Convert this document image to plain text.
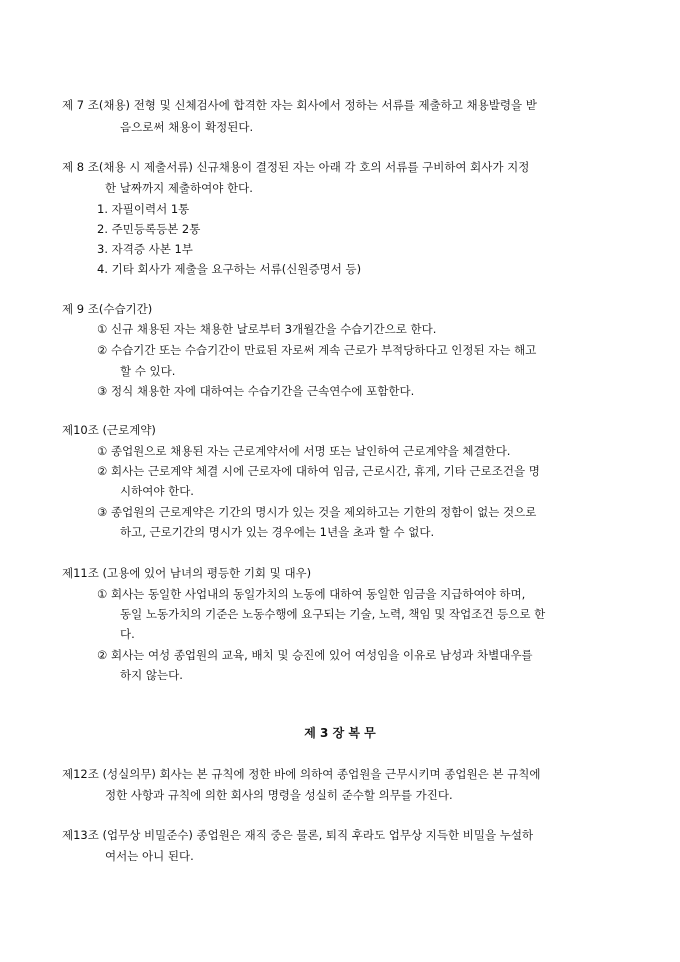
제 7 조(채용) 전형 및 신체검사에 합격한 자는 회사에서 정하는 서류를 제출하고 채용발령을 받
음으로써 채용이 확정된다.
제 8 조(채용 시 제출서류) 신규채용이 결정된 자는 아래 각 호의 서류를 구비하여 회사가 지정
한 날짜까지 제출하여야 한다.
1. 자필이력서 1통
2. 주민등록등본 2통
3. 자격증 사본 1부
4. 기타 회사가 제출을 요구하는 서류(신원증명서 등)
제 9 조(수습기간)
① 신규 채용된 자는 채용한 날로부터 3개월간을 수습기간으로 한다.
② 수습기간 또는 수습기간이 만료된 자로써 계속 근로가 부적당하다고 인정된 자는 해고
할 수 있다.
③ 정식 채용한 자에 대하여는 수습기간을 근속연수에 포함한다.
제10조 (근로계약)
① 종업원으로 채용된 자는 근로계약서에 서명 또는 날인하여 근로계약을 체결한다.
② 회사는 근로계약 체결 시에 근로자에 대하여 임금, 근로시간, 휴게, 기타 근로조건을 명
시하여야 한다.
③ 종업원의 근로계약은 기간의 명시가 있는 것을 제외하고는 기한의 정함이 없는 것으로
하고, 근로기간의 명시가 있는 경우에는 1년을 초과 할 수 없다.
제11조 (고용에 있어 남녀의 평등한 기회 및 대우)
① 회사는 동일한 사업내의 동일가치의 노동에 대하여 동일한 임금을 지급하여야 하며,
동일 노동가치의 기준은 노동수행에 요구되는 기술, 노력, 책임 및 작업조건 등으로 한
다.
② 회사는 여성 종업원의 교육, 배치 및 승진에 있어 여성임을 이유로 남성과 차별대우를
하지 않는다.
제 3 장 복 무
제12조 (성실의무) 회사는 본 규칙에 정한 바에 의하여 종업원을 근무시키며 종업원은 본 규칙에
정한 사항과 규칙에 의한 회사의 명령을 성실히 준수할 의무를 가진다.
제13조 (업무상 비밀준수) 종업원은 재직 중은 물론, 퇴직 후라도 업무상 지득한 비밀을 누설하
여서는 아니 된다.
